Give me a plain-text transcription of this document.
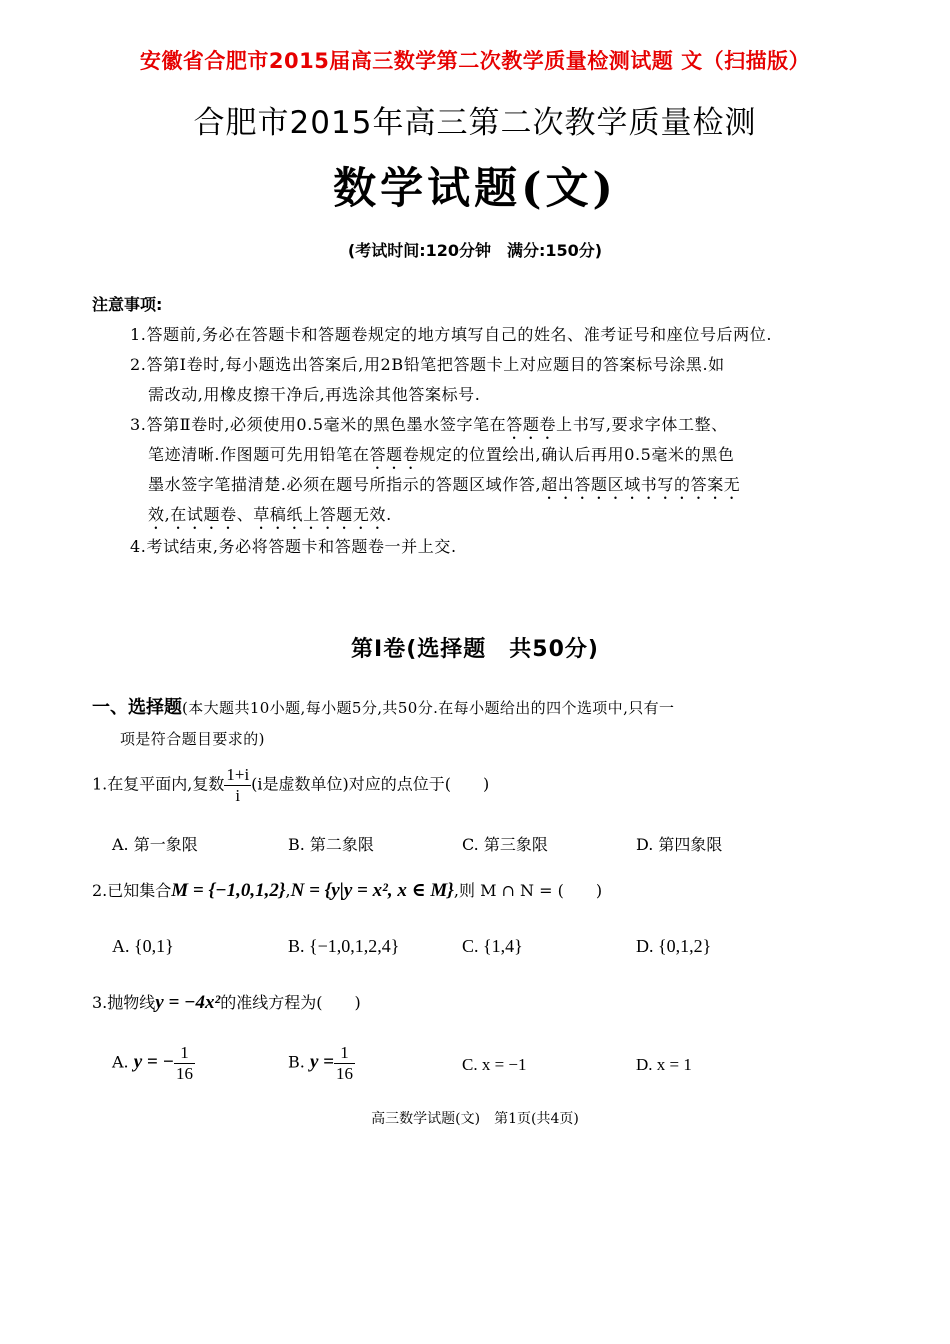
安徽省合肥市2015届高三数学第二次教学质量检测试题 文（扫描版）
合肥市2015年高三第二次教学质量检测
数学试题(文)
(考试时间:120分钟　满分:150分)
注意事项:
1.答题前,务必在答题卡和答题卷规定的地方填写自己的姓名、准考证号和座位号后两位.
2.答第Ⅰ卷时,每小题选出答案后,用2B铅笔把答题卡上对应题目的答案标号涂黑.如
需改动,用橡皮擦干净后,再选涂其他答案标号.
3.答第Ⅱ卷时,必须使用0.5毫米的黑色墨水签字笔在答题卷上书写,要求字体工整、
笔迹清晰.作图题可先用铅笔在答题卷规定的位置绘出,确认后再用0.5毫米的黑色
墨水签字笔描清楚.必须在题号所指示的答题区域作答,超出答题区域书写的答案无
效,在试题卷、草稿纸上答题无效.
4.考试结束,务必将答题卡和答题卷一并上交.
第Ⅰ卷(选择题　共50分)
一、选择题(本大题共10小题,每小题5分,共50分.在每小题给出的四个选项中,只有一
项是符合题目要求的)
1.在复平面内,复数 $\frac{1+i}{i} (i$是虚数单位)对应的点位于(　　)
A. 第一象限	B. 第二象限	C. 第三象限	D. 第四象限
2.已知集合M = {−1,0,1,2},N = {y|y = x², x ∈ M},则 M ∩ N = (　　)
A. {0,1}	B. {−1,0,1,2,4}	C. {1,4}	D. {0,1,2}
3.抛物线y = −4x²的准线方程为(　　)
A. y = − $\frac{1}{16}$	B. $y = \frac{1}{16}$	C. x = −1	D. x = 1
高三数学试题(文)　第1页(共4页)
